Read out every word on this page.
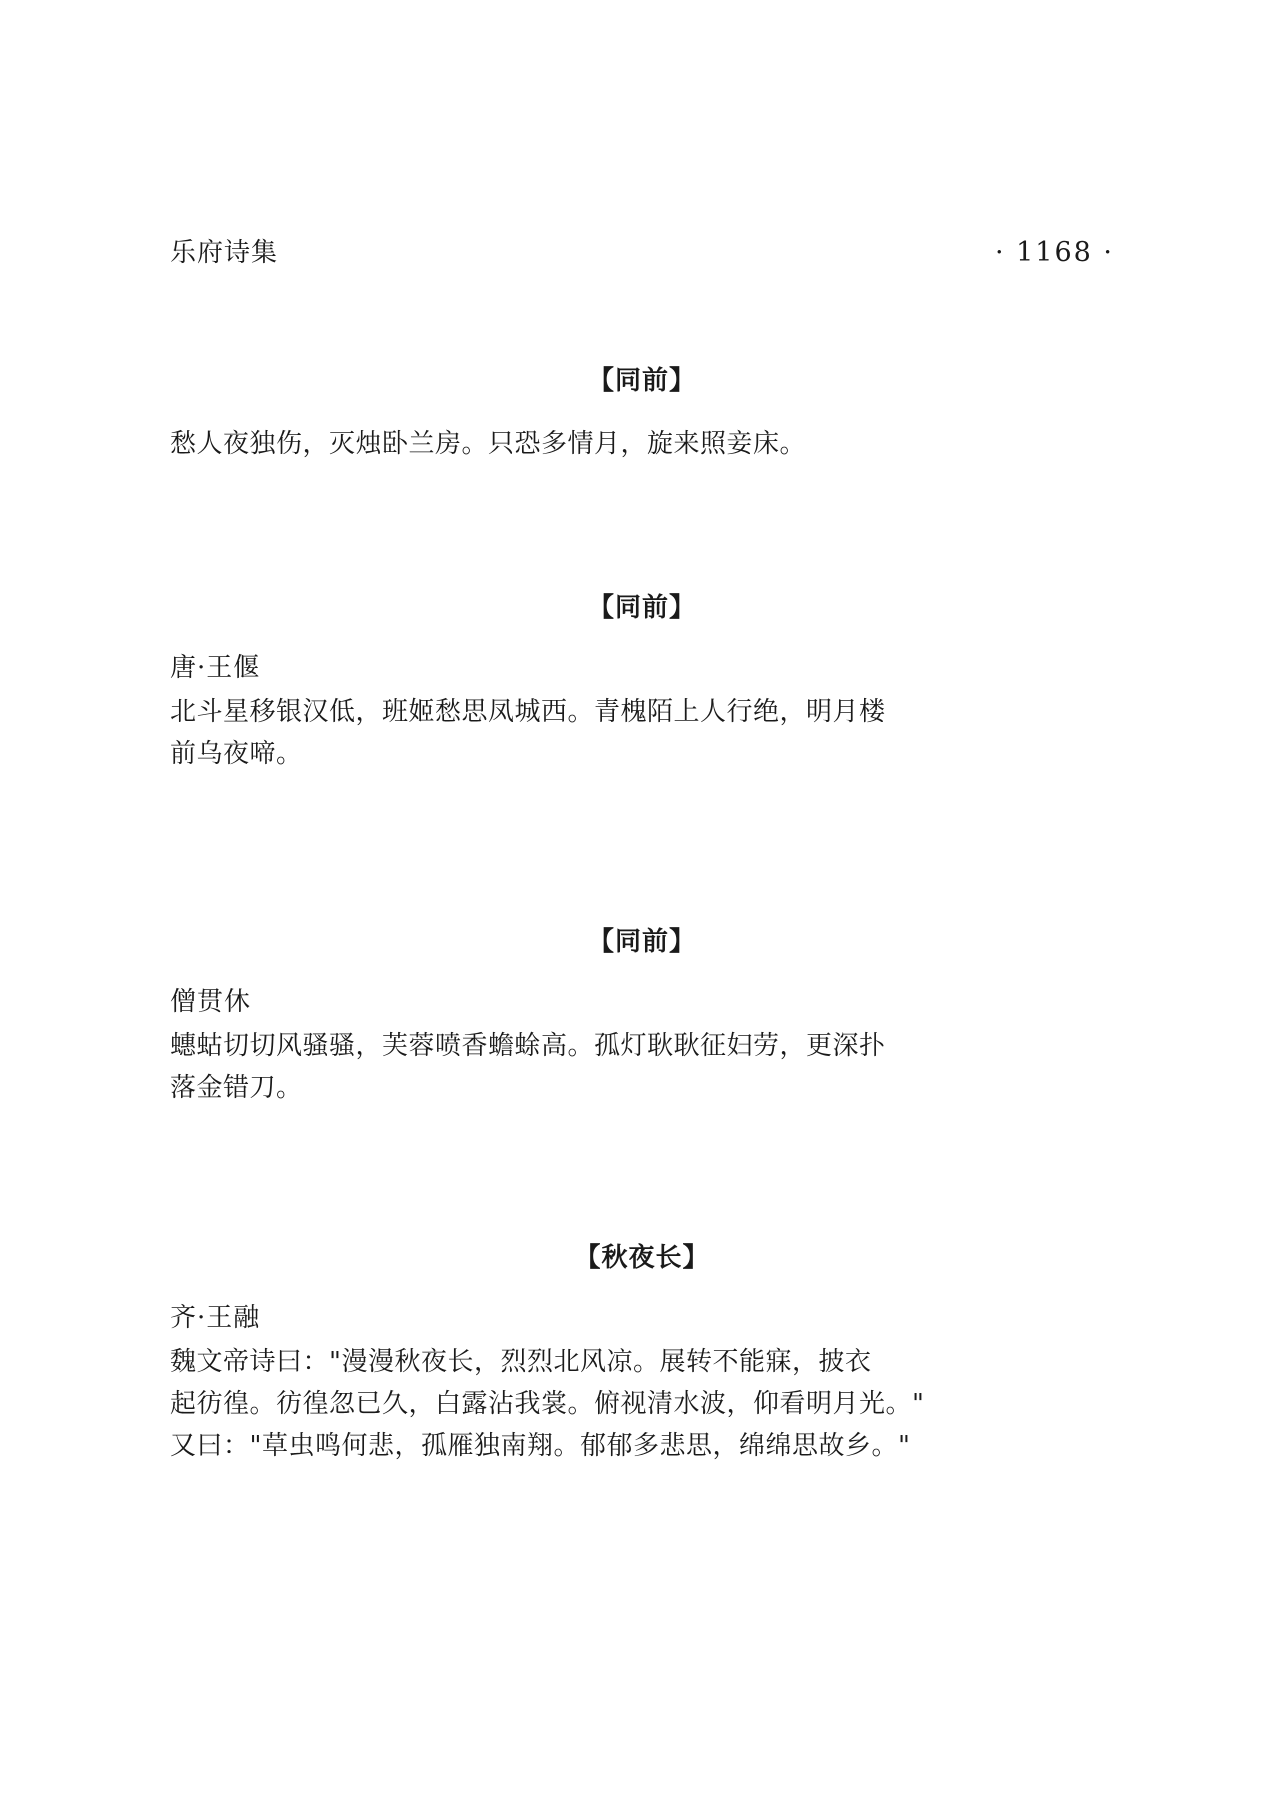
乐府诗集	· 1168 ·
【同前】

愁人夜独伤，灭烛卧兰房。只恐多情月，旋来照妾床。

【同前】

唐·王偃

北斗星移银汉低，班姬愁思凤城西。青槐陌上人行绝，明月楼
前乌夜啼。

【同前】

僧贯休

蟪蛄切切风骚骚，芙蓉喷香蟾蜍高。孤灯耿耿征妇劳，更深扑
落金错刀。

【秋夜长】

齐·王融

魏文帝诗曰："漫漫秋夜长，烈烈北风凉。展转不能寐，披衣
起彷徨。彷徨忽已久，白露沾我裳。俯视清水波，仰看明月光。"
又曰："草虫鸣何悲，孤雁独南翔。郁郁多悲思，绵绵思故乡。"
